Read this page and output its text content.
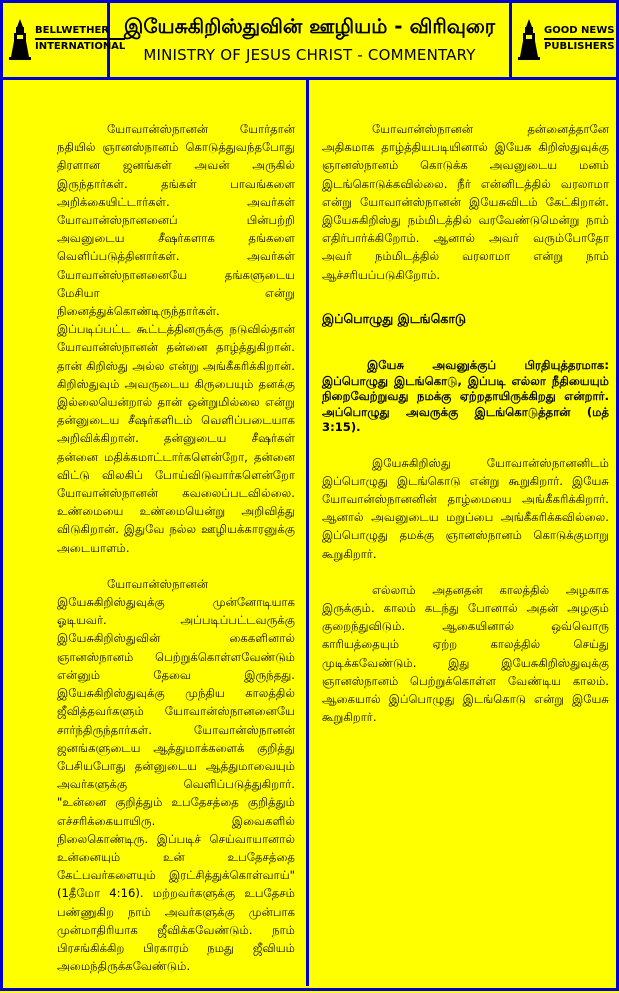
BELLWETHER
INTERNATIONAL
இயேசுகிறிஸ்துவின் ஊழியம் - விரிவுரை
MINISTRY OF JESUS CHRIST - COMMENTARY
GOOD NEWS
PUBLISHERS

யோவான்ஸ்நானன் யோர்தான் நதியில் ஞானஸ்நானம் கொடுத்துவந்தபோது திரளான ஜனங்கள் அவன் அருகில் இருந்தார்கள். தங்கள் பாவங்களை அறிக்கையிட்டார்கள். அவர்கள் யோவான்ஸ்நானனைப் பின்பற்றி அவனுடைய சீஷர்களாக தங்களை வெளிப்படுத்தினார்கள். அவர்கள் யோவான்ஸ்நானனையே தங்களுடைய மேசியா என்று நினைத்துக்கொண்டிருந்தார்கள். இப்படிப்பட்ட கூட்டத்தினருக்கு நடுவில்தான் யோவான்ஸ்நானன் தன்னை தாழ்த்துகிறான். தான் கிறிஸ்து அல்ல என்று அங்கீகரிக்கிறான். கிறிஸ்துவும் அவருடைய கிருபையும் தனக்கு இல்லையென்றால் தான் ஒன்றுமில்லை என்று தன்னுடைய சீஷர்களிடம் வெளிப்படையாக அறிவிக்கிறான். தன்னுடைய சீஷர்கள் தன்னை மதிக்கமாட்டார்களென்றோ, தன்னை விட்டு விலகிப் போய்விடுவார்களென்றோ யோவான்ஸ்நானன் கவலைப்படவில்லை. உண்மையை உண்மையென்று அறிவித்து விடுகிறான். இதுவே நல்ல ஊழியக்காரனுக்கு அடையாளம்.

யோவான்ஸ்நானன் இயேசுகிறிஸ்துவுக்கு முன்னோடியாக ஓடியவர். அப்படிப்பட்டவருக்கு இயேசுகிறிஸ்துவின் கைகளினால் ஞானஸ்நானம் பெற்றுக்கொள்ளவேண்டும் என்னும் தேவை இருந்தது. இயேசுகிறிஸ்துவுக்கு முந்திய காலத்தில் ஜீவித்தவர்களும் யோவான்ஸ்நானனையே சார்ந்திருந்தார்கள். யோவான்ஸ்நானன் ஜனங்களுடைய ஆத்துமாக்களைக் குறித்து பேசியபோது தன்னுடைய ஆத்துமாவையும் அவர்களுக்கு வெளிப்படுத்துகிறார். "உன்னை குறித்தும் உபதேசத்தை குறித்தும் எச்சரிக்கையாயிரு. இவைகளில் நிலைகொண்டிரு. இப்படிச் செய்வாயானால் உன்னையும் உன் உபதேசத்தை கேட்பவர்களையும் இரட்சித்துக்கொள்வாய்" (1தீமோ 4:16). மற்றவர்களுக்கு உபதேசம் பண்ணுகிற நாம் அவர்களுக்கு முன்பாக முன்மாதிரியாக ஜீவிக்கவேண்டும். நாம் பிரசங்கிக்கிற பிரகாரம் நமது ஜீவியம் அமைந்திருக்கவேண்டும்.

யோவான்ஸ்நானன் தன்னைத்தானே அதிகமாக தாழ்த்தியபடியினால் இயேசு கிறிஸ்துவுக்கு ஞானஸ்நானம் கொடுக்க அவனுடைய மனம் இடங்கொடுக்கவில்லை. நீர் என்னிடத்தில் வரலாமா என்று யோவான்ஸ்நானன் இயேசுவிடம் கேட்கிறான். இயேசுகிறிஸ்து நம்மிடத்தில் வரவேண்டுமென்று நாம் எதிர்பார்க்கிறோம். ஆனால் அவர் வரும்போதோ அவர் நம்மிடத்தில் வரலாமா என்று நாம் ஆச்சரியப்படுகிறோம்.

இப்பொழுது இடங்கொடு

இயேசு அவனுக்குப் பிரதியுத்தரமாக: இப்பொழுது இடங்கொடு, இப்படி எல்லா நீதியையும் நிறைவேற்றுவது நமக்கு ஏற்றதாயிருக்கிறது என்றார். அப்பொழுது அவருக்கு இடங்கொடுத்தான் (மத் 3:15).

இயேசுகிறிஸ்து யோவான்ஸ்நானனிடம் இப்பொழுது இடங்கொடு என்று கூறுகிறார். இயேசு யோவான்ஸ்நானனின் தாழ்மையை அங்கீகரிக்கிறார். ஆனால் அவனுடைய மறுப்பை அங்கீகரிக்கவில்லை. இப்பொழுது தமக்கு ஞானஸ்நானம் கொடுக்குமாறு கூறுகிறார்.

எல்லாம் அதனதன் காலத்தில் அழகாக இருக்கும். காலம் கடந்து போனால் அதன் அழகும் குறைந்துவிடும். ஆகையினால் ஒவ்வொரு காரியத்தையும் ஏற்ற காலத்தில் செய்து முடிக்கவேண்டும். இது இயேசுகிறிஸ்துவுக்கு ஞானஸ்நானம் பெற்றுக்கொள்ள வேண்டிய காலம். ஆகையால் இப்பொழுது இடங்கொடு என்று இயேசு கூறுகிறார்.
